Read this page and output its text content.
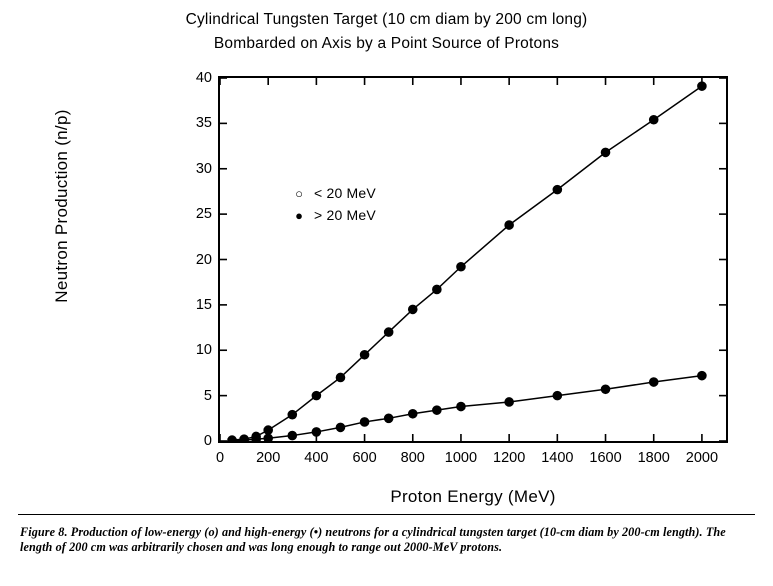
Cylindrical Tungsten Target (10 cm diam by 200 cm long)
Bombarded on Axis by a Point Source of Protons
0
5
10
15
20
25
30
35
40
0	200	400	600	800	1000	1200	1400	1600	1800	2000
Neutron Production (n/p)
Proton Energy (MeV)
○ < 20 MeV
● > 20 MeV
Figure 8. Production of low-energy (o) and high-energy (•) neutrons for a cylindrical tungsten target (10-cm diam by 200-cm length). The length of 200 cm was arbitrarily chosen and was long enough to range out 2000-MeV protons.
